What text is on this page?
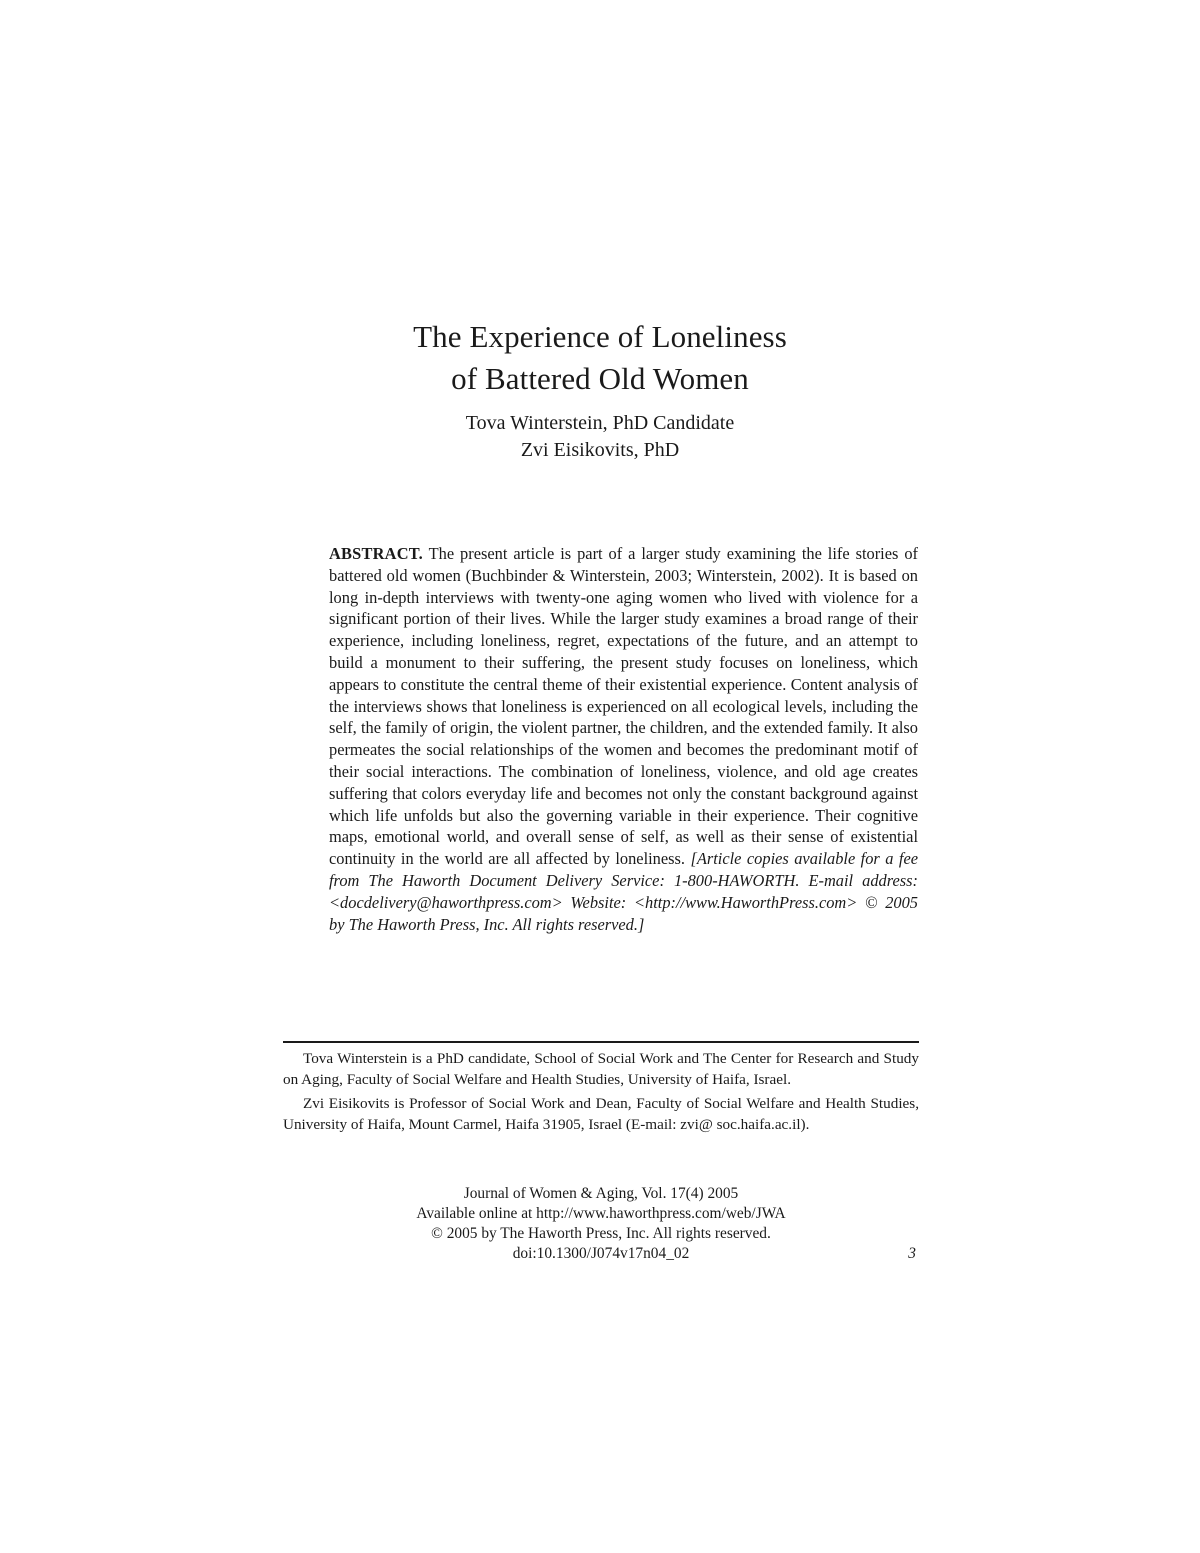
The Experience of Loneliness
of Battered Old Women
Tova Winterstein, PhD Candidate
Zvi Eisikovits, PhD
ABSTRACT. The present article is part of a larger study examining the life stories of battered old women (Buchbinder & Winterstein, 2003; Winterstein, 2002). It is based on long in-depth interviews with twenty-one aging women who lived with violence for a significant portion of their lives. While the larger study examines a broad range of their experience, including loneliness, regret, expectations of the future, and an attempt to build a monument to their suffering, the present study focuses on loneliness, which appears to constitute the central theme of their existential experience. Content analysis of the interviews shows that loneliness is experienced on all ecological levels, including the self, the family of origin, the violent partner, the children, and the extended family. It also permeates the social relationships of the women and becomes the predominant motif of their social interactions. The combination of loneliness, violence, and old age creates suffering that colors everyday life and becomes not only the constant background against which life unfolds but also the governing variable in their experience. Their cognitive maps, emotional world, and overall sense of self, as well as their sense of existential continuity in the world are all affected by loneliness. [Article copies available for a fee from The Haworth Document Delivery Service: 1-800-HAWORTH. E-mail address: <docdelivery@haworthpress.com> Website: <http://www.HaworthPress.com> © 2005 by The Haworth Press, Inc. All rights reserved.]

Tova Winterstein is a PhD candidate, School of Social Work and The Center for Research and Study on Aging, Faculty of Social Welfare and Health Studies, University of Haifa, Israel.

Zvi Eisikovits is Professor of Social Work and Dean, Faculty of Social Welfare and Health Studies, University of Haifa, Mount Carmel, Haifa 31905, Israel (E-mail: zvi@ soc.haifa.ac.il).

Journal of Women & Aging, Vol. 17(4) 2005
Available online at http://www.haworthpress.com/web/JWA
© 2005 by The Haworth Press, Inc. All rights reserved.
doi:10.1300/J074v17n04_02	3
